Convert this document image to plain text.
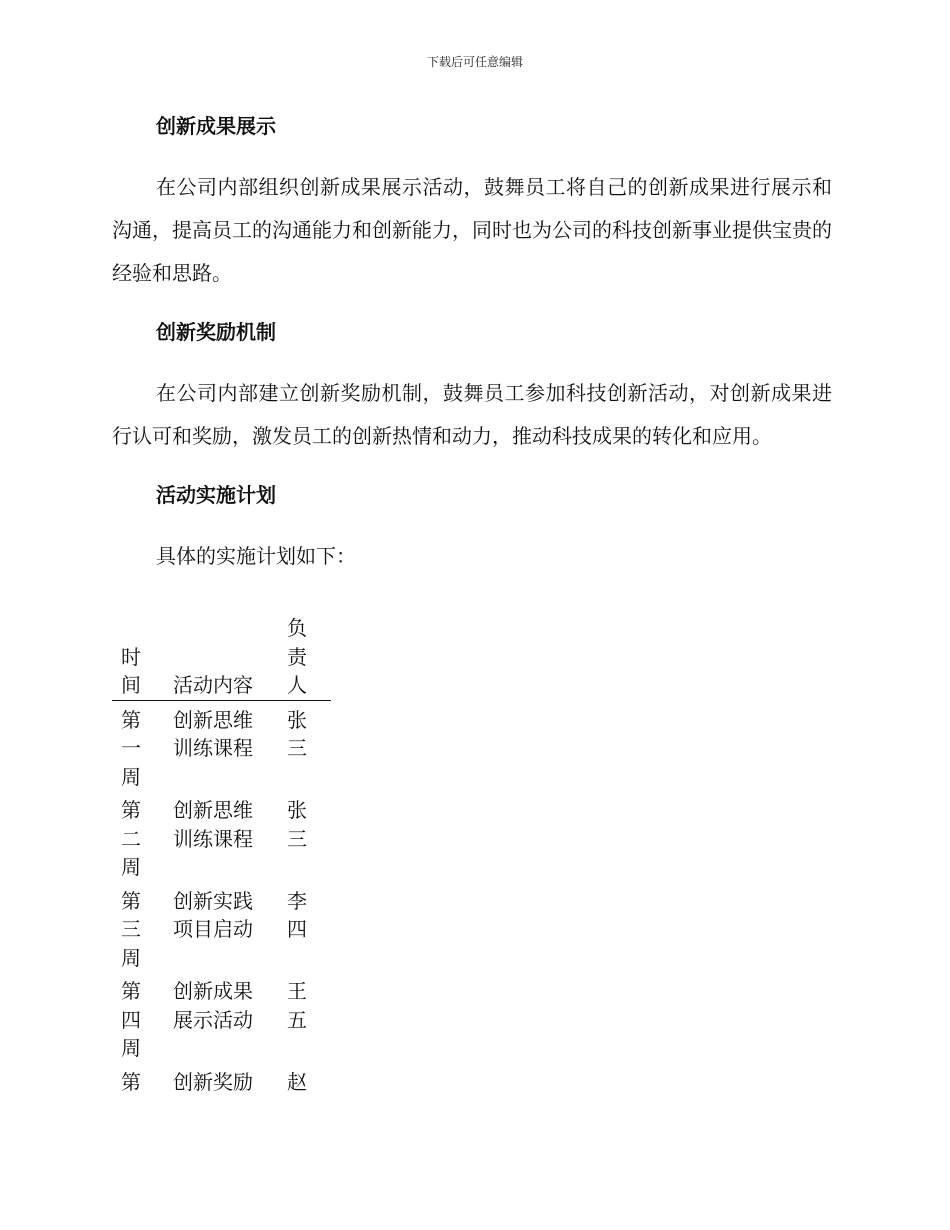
下载后可任意编辑
创新成果展示

在公司内部组织创新成果展示活动，鼓舞员工将自己的创新成果进行展示和沟通，提高员工的沟通能力和创新能力，同时也为公司的科技创新事业提供宝贵的经验和思路。

创新奖励机制

在公司内部建立创新奖励机制，鼓舞员工参加科技创新活动，对创新成果进行认可和奖励，激发员工的创新热情和动力，推动科技成果的转化和应用。

活动实施计划

具体的实施计划如下：

时间	活动内容	负责人

第一周	创新思维训练课程	张三

第二周	创新思维训练课程	张三

第三周	创新实践项目启动	李四

第四周	创新成果展示活动	王五

第	创新奖励	赵
